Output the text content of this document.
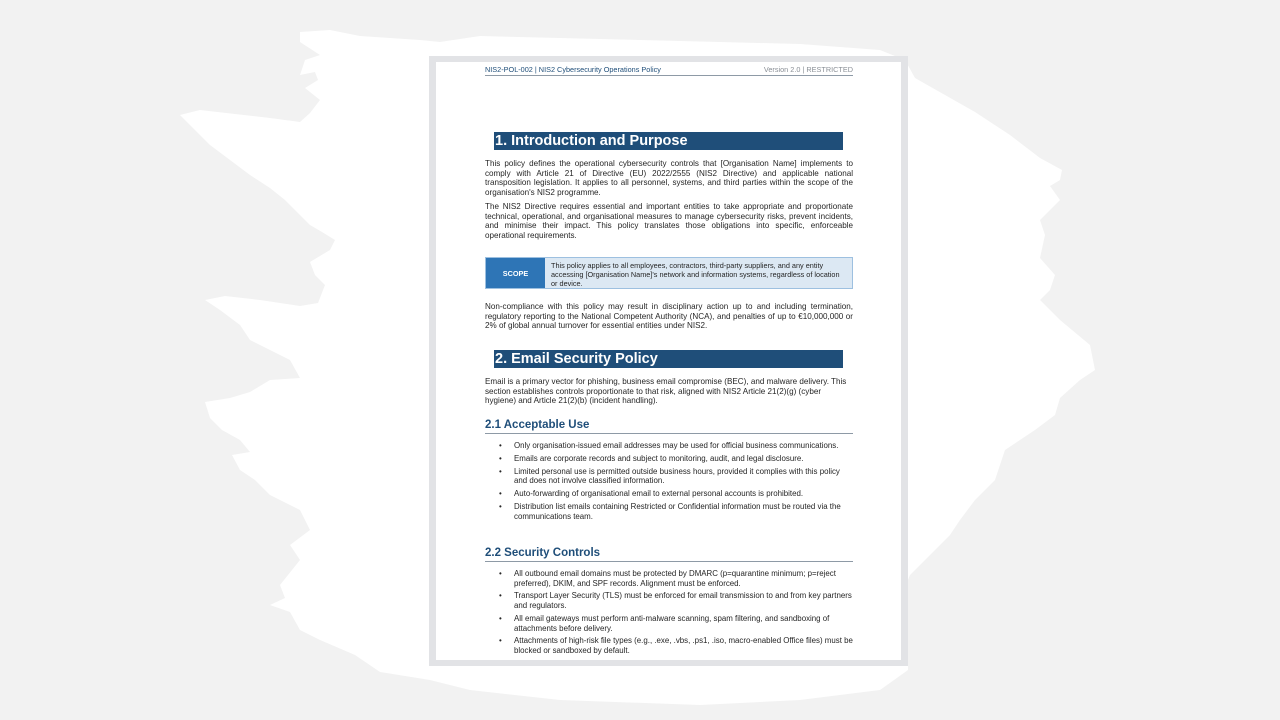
NIS2-POL-002 | NIS2 Cybersecurity Operations Policy	Version 2.0 | RESTRICTED
1. Introduction and Purpose

This policy defines the operational cybersecurity controls that [Organisation Name] implements to comply with Article 21 of Directive (EU) 2022/2555 (NIS2 Directive) and applicable national transposition legislation. It applies to all personnel, systems, and third parties within the scope of the organisation's NIS2 programme.

The NIS2 Directive requires essential and important entities to take appropriate and proportionate technical, operational, and organisational measures to manage cybersecurity risks, prevent incidents, and minimise their impact. This policy translates those obligations into specific, enforceable operational requirements.

SCOPE
This policy applies to all employees, contractors, third-party suppliers, and any entity accessing [Organisation Name]'s network and information systems, regardless of location or device.

Non-compliance with this policy may result in disciplinary action up to and including termination, regulatory reporting to the National Competent Authority (NCA), and penalties of up to €10,000,000 or 2% of global annual turnover for essential entities under NIS2.

2. Email Security Policy

Email is a primary vector for phishing, business email compromise (BEC), and malware delivery. This section establishes controls proportionate to that risk, aligned with NIS2 Article 21(2)(g) (cyber hygiene) and Article 21(2)(b) (incident handling).

2.1 Acceptable Use
• Only organisation-issued email addresses may be used for official business communications.
• Emails are corporate records and subject to monitoring, audit, and legal disclosure.
• Limited personal use is permitted outside business hours, provided it complies with this policy and does not involve classified information.
• Auto-forwarding of organisational email to external personal accounts is prohibited.
• Distribution list emails containing Restricted or Confidential information must be routed via the communications team.
2.2 Security Controls
• All outbound email domains must be protected by DMARC (p=quarantine minimum; p=reject preferred), DKIM, and SPF records. Alignment must be enforced.
• Transport Layer Security (TLS) must be enforced for email transmission to and from key partners and regulators.
• All email gateways must perform anti-malware scanning, spam filtering, and sandboxing of attachments before delivery.
• Attachments of high-risk file types (e.g., .exe, .vbs, .ps1, .iso, macro-enabled Office files) must be blocked or sandboxed by default.
